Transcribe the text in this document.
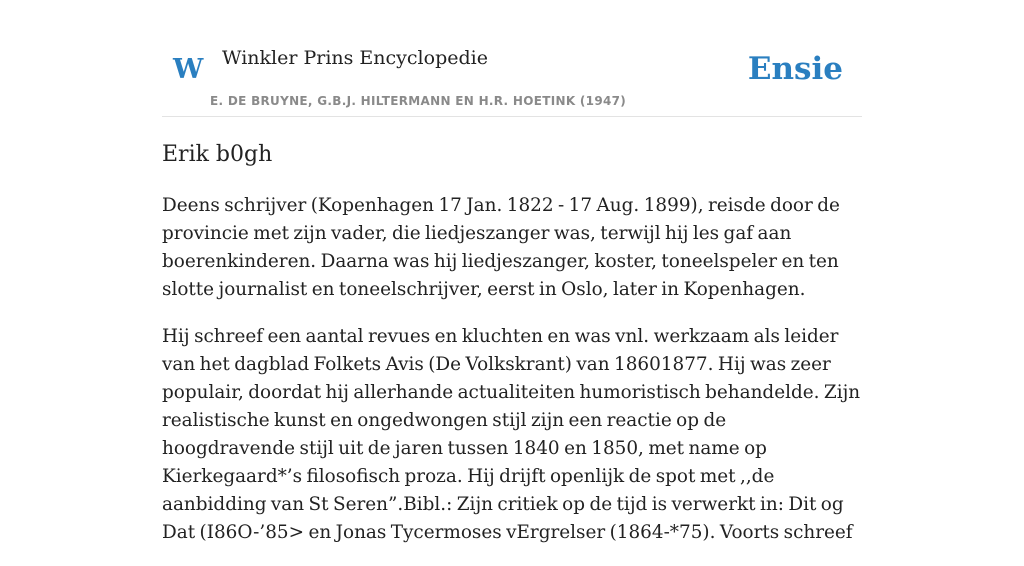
W Winkler Prins Encyclopedie
E. DE BRUYNE, G.B.J. HILTERMANN EN H.R. HOETINK (1947)
Ensie
Erik b0gh

Deens schrijver (Kopenhagen 17 Jan. 1822 - 17 Aug. 1899), reisde door de provincie met zijn vader, die liedjeszanger was, terwijl hij les gaf aan boerenkinderen. Daarna was hij liedjeszanger, koster, toneelspeler en ten slotte journalist en toneelschrijver, eerst in Oslo, later in Kopenhagen.

Hij schreef een aantal revues en kluchten en was vnl. werkzaam als leider van het dagblad Folkets Avis (De Volkskrant) van 18601877. Hij was zeer populair, doordat hij allerhande actualiteiten humoristisch behandelde. Zijn realistische kunst en ongedwongen stijl zijn een reactie op de hoogdravende stijl uit de jaren tussen 1840 en 1850, met name op Kierkegaard*’s filosofisch proza. Hij drijft openlijk de spot met ,,de aanbidding van St Seren”.Bibl.: Zijn critiek op de tijd is verwerkt in: Dit og Dat (I86O-’85> en Jonas Tycermoses vErgrelser (1864-*75). Voorts schreef
